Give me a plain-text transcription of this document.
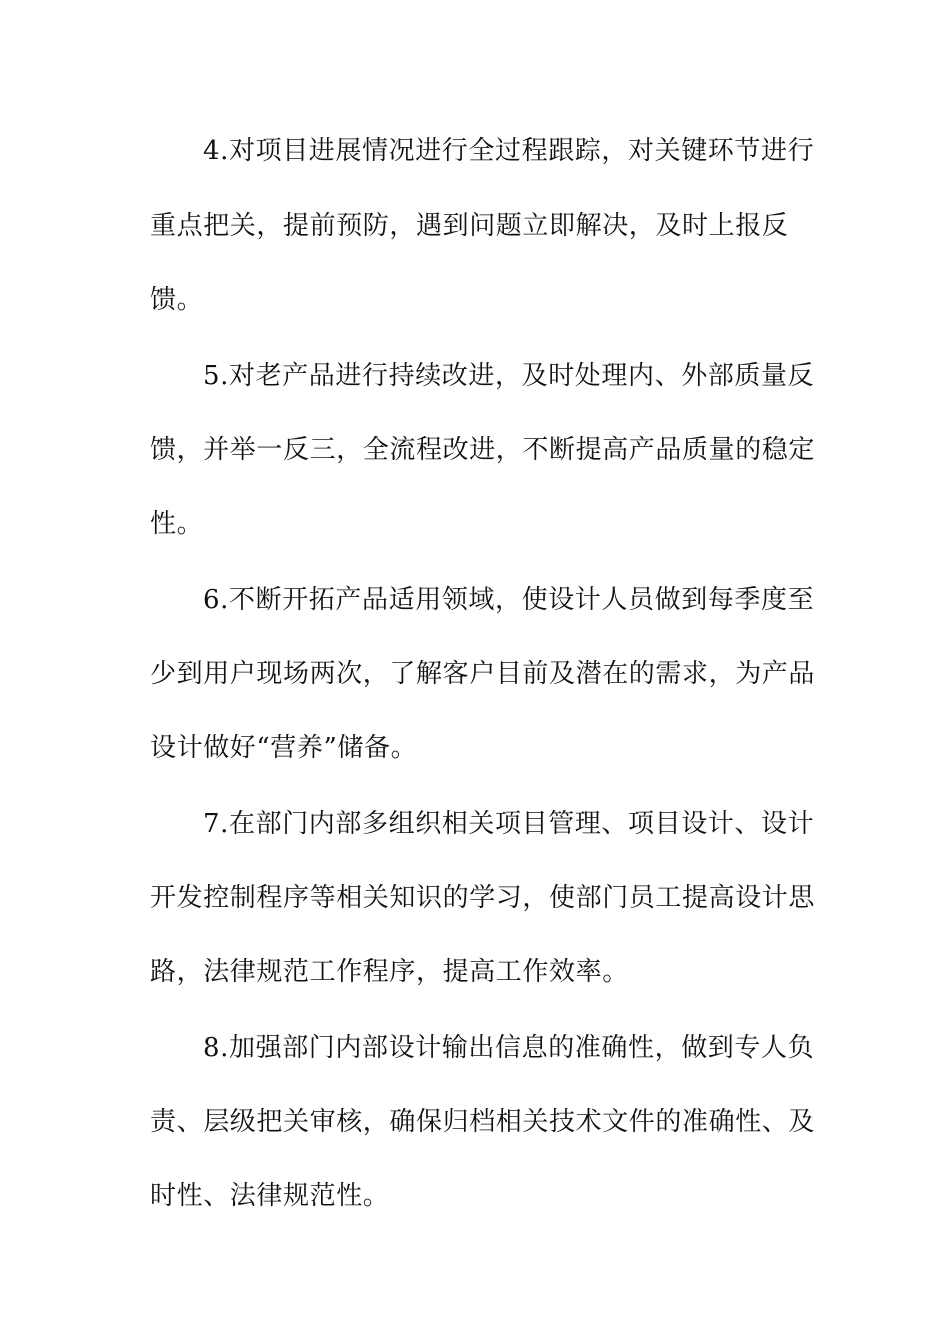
4.对项目进展情况进行全过程跟踪，对关键环节进行
重点把关，提前预防，遇到问题立即解决，及时上报反
馈。
5.对老产品进行持续改进，及时处理内、外部质量反
馈，并举一反三，全流程改进，不断提高产品质量的稳定
性。
6.不断开拓产品适用领域，使设计人员做到每季度至
少到用户现场两次，了解客户目前及潜在的需求，为产品
设计做好“营养”储备。
7.在部门内部多组织相关项目管理、项目设计、设计
开发控制程序等相关知识的学习，使部门员工提高设计思
路，法律规范工作程序，提高工作效率。
8.加强部门内部设计输出信息的准确性，做到专人负
责、层级把关审核，确保归档相关技术文件的准确性、及
时性、法律规范性。
